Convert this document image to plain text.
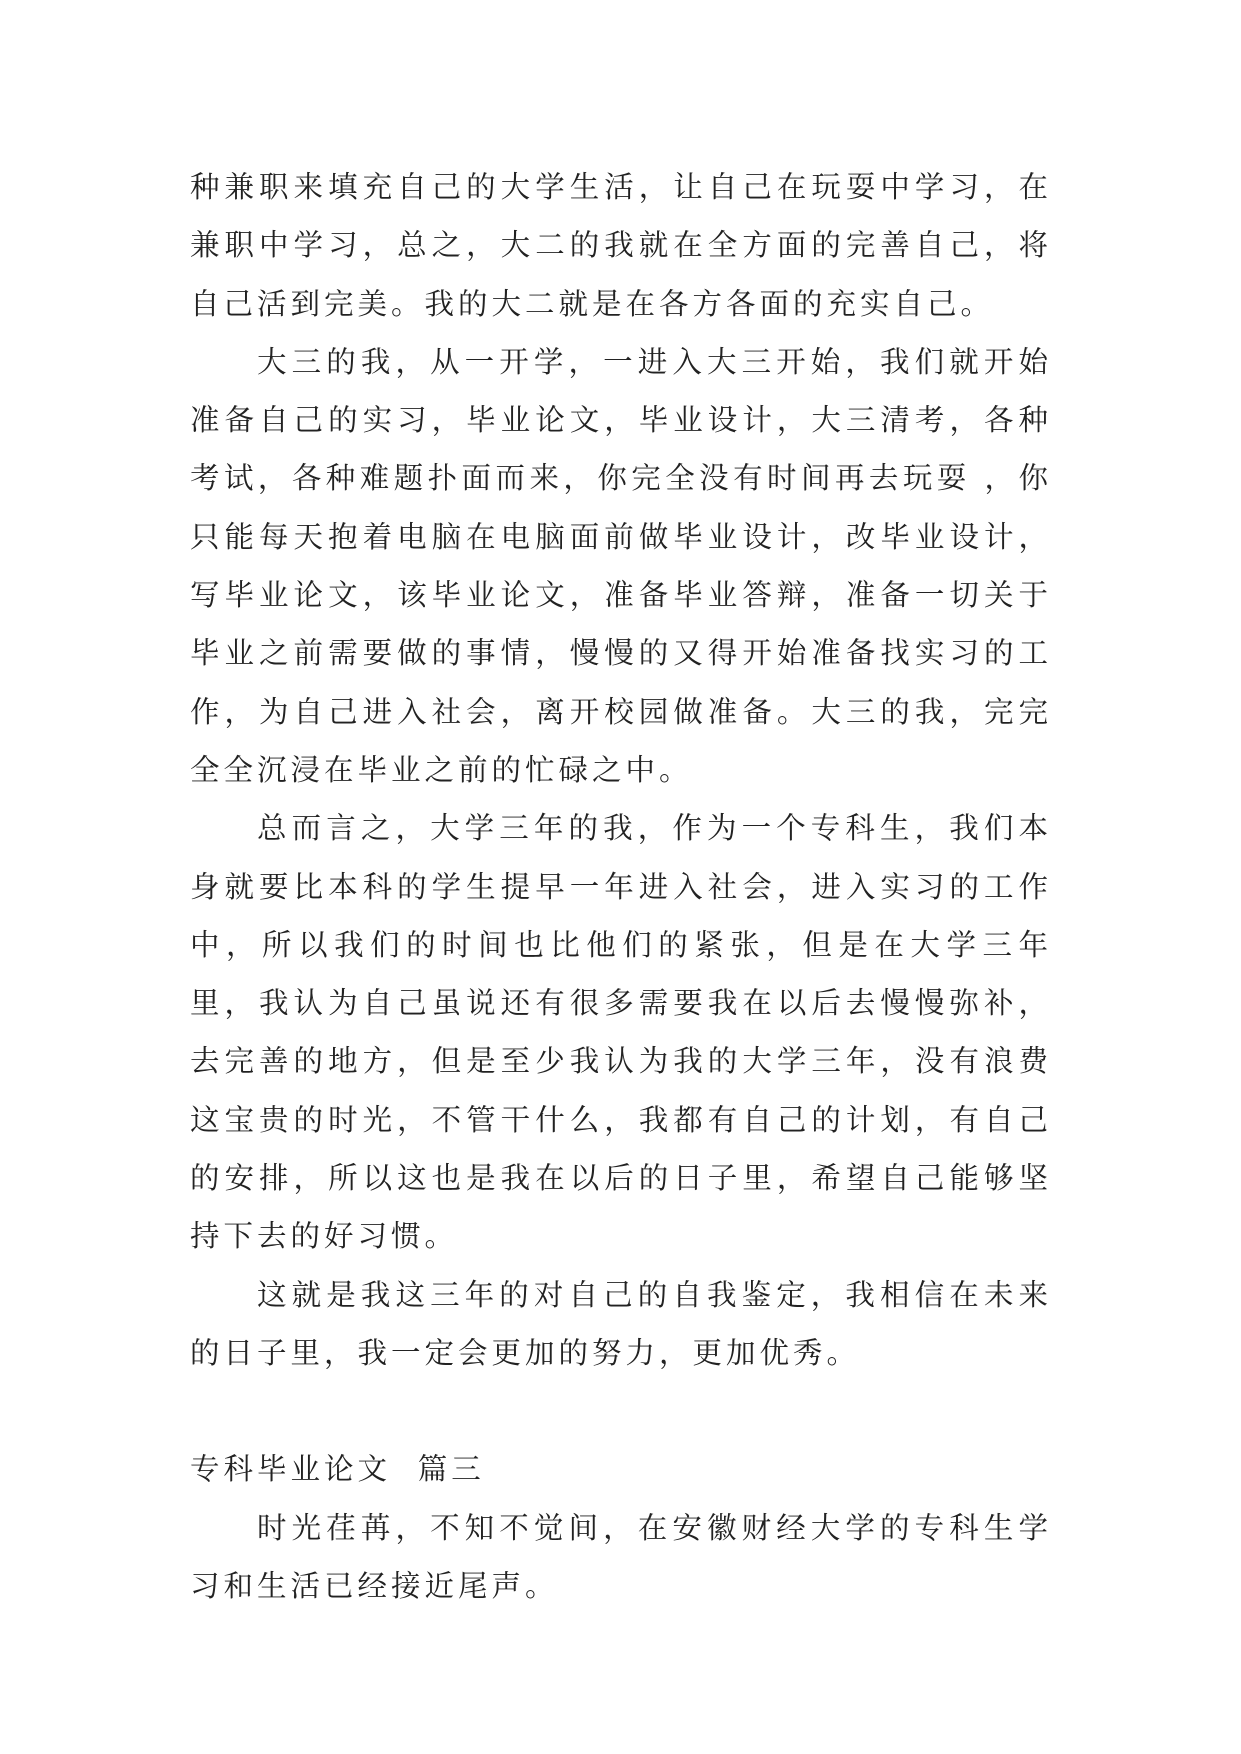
种兼职来填充自己的大学生活，让自己在玩耍中学习，在兼职中学习，总之，大二的我就在全方面的完善自己，将自己活到完美。我的大二就是在各方各面的充实自己。

大三的我，从一开学，一进入大三开始，我们就开始准备自己的实习，毕业论文，毕业设计，大三清考，各种考试，各种难题扑面而来，你完全没有时间再去玩耍 ，你只能每天抱着电脑在电脑面前做毕业设计，改毕业设计，写毕业论文，该毕业论文，准备毕业答辩，准备一切关于毕业之前需要做的事情，慢慢的又得开始准备找实习的工作，为自己进入社会，离开校园做准备。大三的我，完完全全沉浸在毕业之前的忙碌之中。

总而言之，大学三年的我，作为一个专科生，我们本身就要比本科的学生提早一年进入社会，进入实习的工作中，所以我们的时间也比他们的紧张，但是在大学三年里，我认为自己虽说还有很多需要我在以后去慢慢弥补，去完善的地方，但是至少我认为我的大学三年，没有浪费这宝贵的时光，不管干什么，我都有自己的计划，有自己的安排，所以这也是我在以后的日子里，希望自己能够坚持下去的好习惯。

这就是我这三年的对自己的自我鉴定，我相信在未来的日子里，我一定会更加的努力，更加优秀。

专科毕业论文  篇三

时光荏苒，不知不觉间，在安徽财经大学的专科生学习和生活已经接近尾声。
